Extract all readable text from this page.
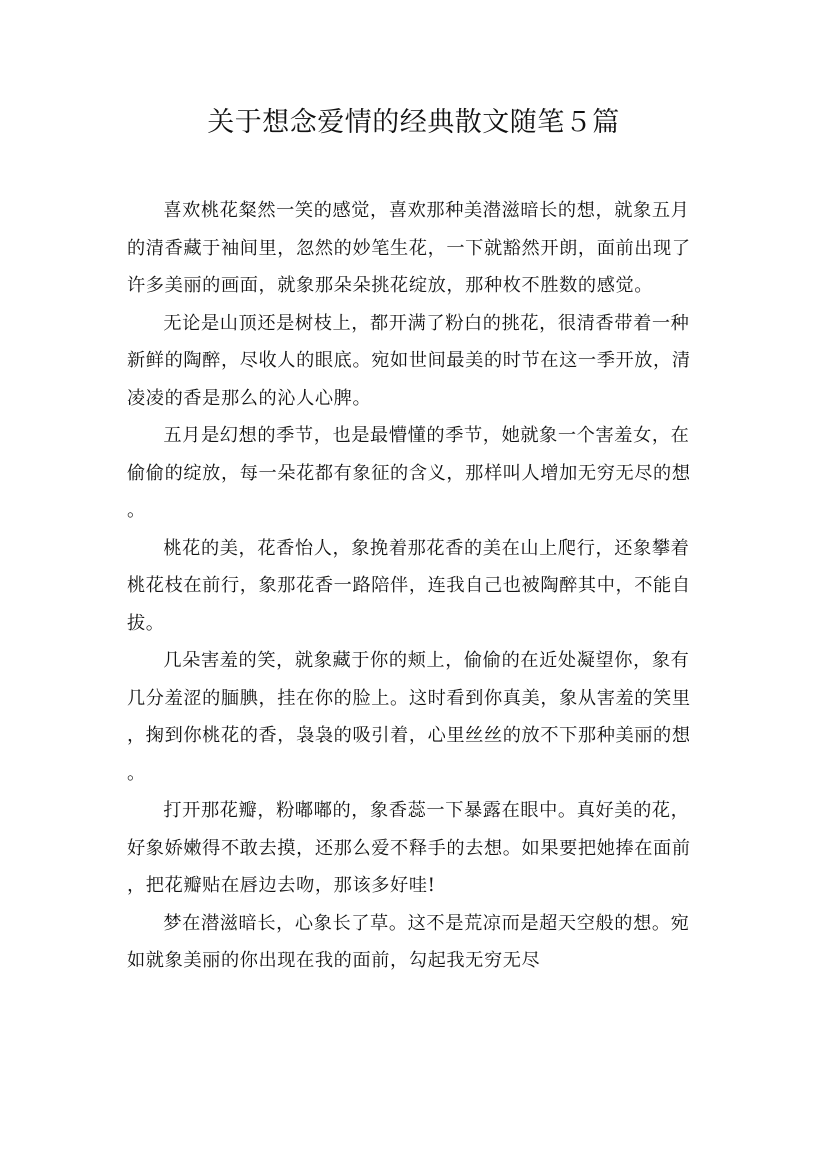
关于想念爱情的经典散文随笔５篇

喜欢桃花粲然一笑的感觉，喜欢那种美潜滋暗长的想，就象五月的清香藏于袖间里，忽然的妙笔生花，一下就豁然开朗，面前出现了许多美丽的画面，就象那朵朵挑花绽放，那种枚不胜数的感觉。

无论是山顶还是树枝上，都开满了粉白的挑花，很清香带着一种新鲜的陶醉，尽收人的眼底。宛如世间最美的时节在这一季开放，清凌凌的香是那么的沁人心脾。

五月是幻想的季节，也是最懵懂的季节，她就象一个害羞女，在偷偷的绽放，每一朵花都有象征的含义，那样叫人增加无穷无尽的想。

桃花的美，花香怡人，象挽着那花香的美在山上爬行，还象攀着桃花枝在前行，象那花香一路陪伴，连我自己也被陶醉其中，不能自拔。

几朵害羞的笑，就象藏于你的颊上，偷偷的在近处凝望你，象有几分羞涩的腼腆，挂在你的脸上。这时看到你真美，象从害羞的笑里，掬到你桃花的香，袅袅的吸引着，心里丝丝的放不下那种美丽的想。

打开那花瓣，粉嘟嘟的，象香蕊一下暴露在眼中。真好美的花，好象娇嫩得不敢去摸，还那么爱不释手的去想。如果要把她捧在面前，把花瓣贴在唇边去吻，那该多好哇!

梦在潜滋暗长，心象长了草。这不是荒凉而是超天空般的想。宛如就象美丽的你出现在我的面前，勾起我无穷无尽
